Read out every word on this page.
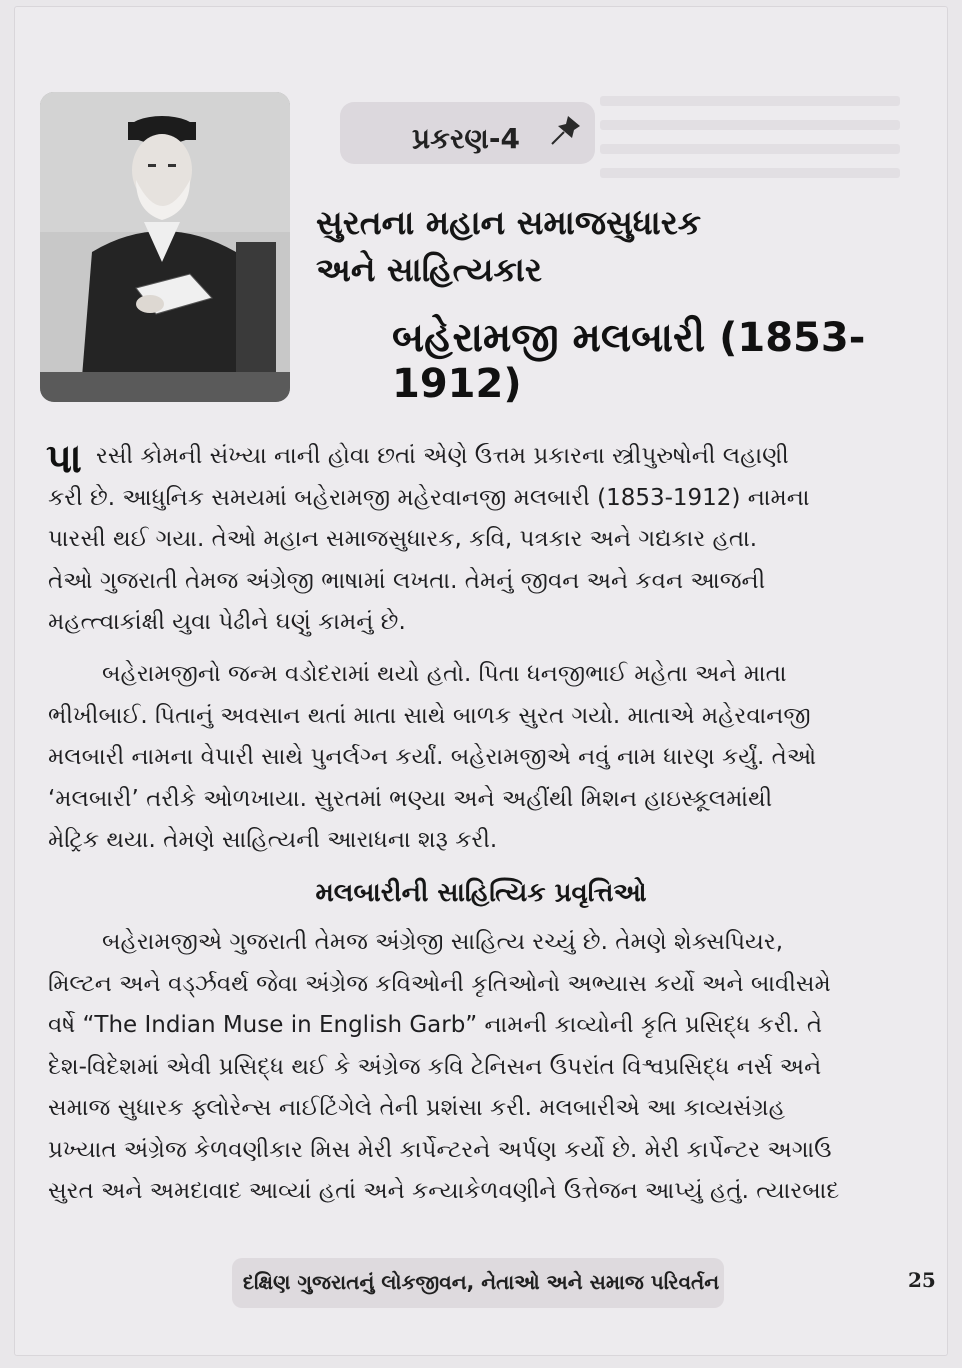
પ્રકરણ-4
સુરતના મહાન સમાજસુધારક
અને સાહિત્યકાર
બહેરામજી મલબારી (1853-1912)
પા રસી કોમની સંખ્યા નાની હોવા છતાં એણે ઉત્તમ પ્રકારના સ્ત્રીપુરુષોની લહાણી
કરી છે. આધુનિક સમયમાં બહેરામજી મહેરવાનજી મલબારી (1853-1912) નામના
પારસી થઈ ગયા. તેઓ મહાન સમાજસુધારક, કવિ, પત્રકાર અને ગદ્યકાર હતા.
તેઓ ગુજરાતી તેમજ અંગ્રેજી ભાષામાં લખતા. તેમનું જીવન અને કવન આજની
મહત્ત્વાકાંક્ષી યુવા પેઢીને ઘણું કામનું છે.
બહેરામજીનો જન્મ વડોદરામાં થયો હતો. પિતા ધનજીભાઈ મહેતા અને માતા
ભીખીબાઈ. પિતાનું અવસાન થતાં માતા સાથે બાળક સુરત ગયો. માતાએ મહેરવાનજી
મલબારી નામના વેપારી સાથે પુનર્લગ્ન કર્યાં. બહેરામજીએ નવું નામ ધારણ કર્યું. તેઓ
‘મલબારી’ તરીકે ઓળખાયા. સુરતમાં ભણ્યા અને અહીંથી મિશન હાઇસ્કૂલમાંથી
મેટ્રિક થયા. તેમણે સાહિત્યની આરાધના શરૂ કરી.
મલબારીની સાહિત્યિક પ્રવૃત્તિઓ
બહેરામજીએ ગુજરાતી તેમજ અંગ્રેજી સાહિત્ય રચ્યું છે. તેમણે શેક્સપિયર,
મિલ્ટન અને વર્ડ્ઝવર્થ જેવા અંગ્રેજ કવિઓની કૃતિઓનો અભ્યાસ કર્યો અને બાવીસમે
વર્ષે “The Indian Muse in English Garb” નામની કાવ્યોની કૃતિ પ્રસિદ્ધ કરી. તે
દેશ-વિદેશમાં એવી પ્રસિદ્ધ થઈ કે અંગ્રેજ કવિ ટેનિસન ઉપરાંત વિશ્વપ્રસિદ્ધ નર્સ અને
સમાજ સુધારક ફ્લોરેન્સ નાઈટિંગેલે તેની પ્રશંસા કરી. મલબારીએ આ કાવ્યસંગ્રહ
પ્રખ્યાત અંગ્રેજ કેળવણીકાર મિસ મેરી કાર્પેન્ટરને અર્પણ કર્યો છે. મેરી કાર્પેન્ટર અગાઉ
સુરત અને અમદાવાદ આવ્યાં હતાં અને કન્યાકેળવણીને ઉત્તેજન આપ્યું હતું. ત્યારબાદ
દક્ષિણ ગુજરાતનું લોકજીવન, નેતાઓ અને સમાજ પરિવર્તન	25
